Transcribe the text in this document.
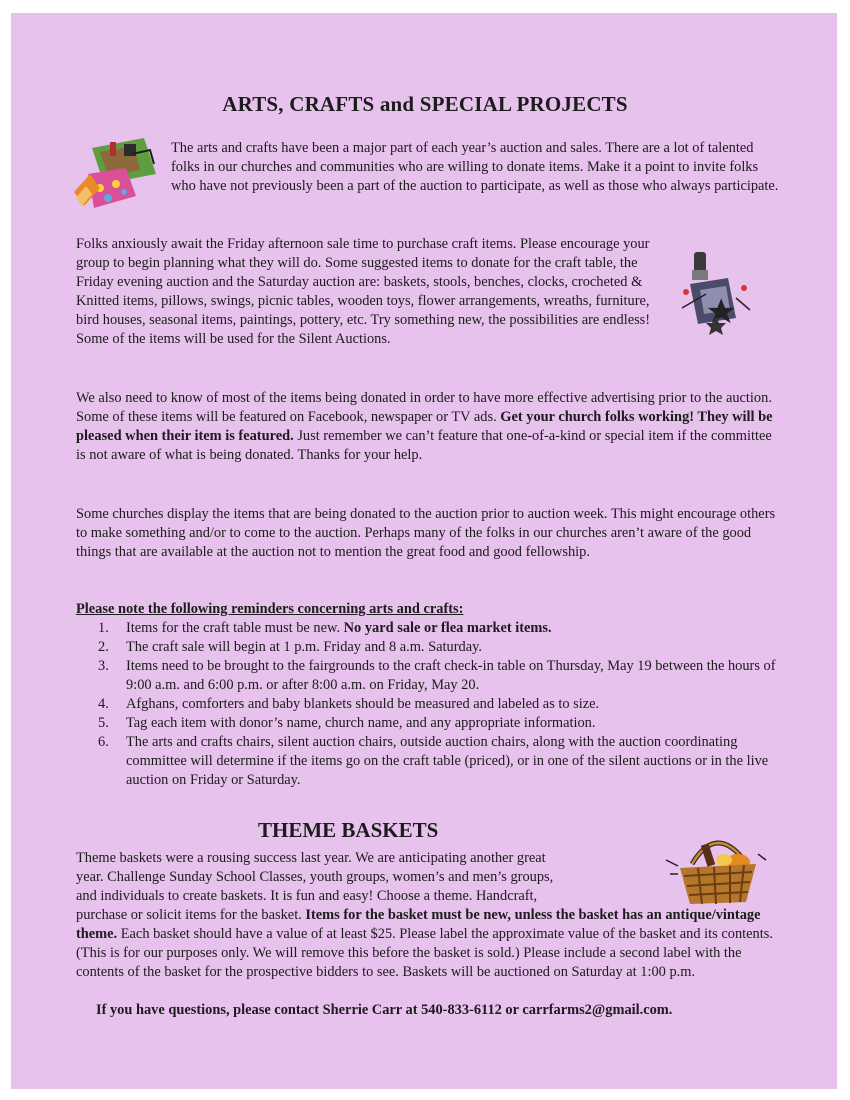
ARTS, CRAFTS and SPECIAL PROJECTS

The arts and crafts have been a major part of each year’s auction and sales. There are a lot of talented folks in our churches and communities who are willing to donate items. Make it a point to invite folks who have not previously been a part of the auction to participate, as well as those who always participate.

Folks anxiously await the Friday afternoon sale time to purchase craft items. Please encourage your group to begin planning what they will do. Some suggested items to donate for the craft table, the Friday evening auction and the Saturday auction are: baskets, stools, benches, clocks, crocheted & Knitted items, pillows, swings, picnic tables, wooden toys, flower arrangements, wreaths, furniture, bird houses, seasonal items, paintings, pottery, etc. Try something new, the possibilities are endless! Some of the items will be used for the Silent Auctions.

We also need to know of most of the items being donated in order to have more effective advertising prior to the auction. Some of these items will be featured on Facebook, newspaper or TV ads. Get your church folks working! They will be pleased when their item is featured. Just remember we can’t feature that one-of-a-kind or special item if the committee is not aware of what is being donated. Thanks for your help.

Some churches display the items that are being donated to the auction prior to auction week. This might encourage others to make something and/or to come to the auction. Perhaps many of the folks in our churches aren’t aware of the good things that are available at the auction not to mention the great food and good fellowship.

Please note the following reminders concerning arts and crafts:

1. Items for the craft table must be new. No yard sale or flea market items.
2. The craft sale will begin at 1 p.m. Friday and 8 a.m. Saturday.
3. Items need to be brought to the fairgrounds to the craft check-in table on Thursday, May 19 between the hours of 9:00 a.m. and 6:00 p.m. or after 8:00 a.m. on Friday, May 20.
4. Afghans, comforters and baby blankets should be measured and labeled as to size.
5. Tag each item with donor’s name, church name, and any appropriate information.
6. The arts and crafts chairs, silent auction chairs, outside auction chairs, along with the auction coordinating committee will determine if the items go on the craft table (priced), or in one of the silent auctions or in the live auction on Friday or Saturday.
THEME BASKETS

Theme baskets were a rousing success last year. We are anticipating another great

year. Challenge Sunday School Classes, youth groups, women’s and men’s groups,

and individuals to create baskets. It is fun and easy! Choose a theme. Handcraft,

purchase or solicit items for the basket. Items for the basket must be new, unless the basket has an antique/vintage theme. Each basket should have a value of at least $25. Please label the approximate value of the basket and its contents. (This is for our purposes only. We will remove this before the basket is sold.) Please include a second label with the contents of the basket for the prospective bidders to see. Baskets will be auctioned on Saturday at 1:00 p.m.

If you have questions, please contact Sherrie Carr at 540-833-6112 or carrfarms2@gmail.com.
